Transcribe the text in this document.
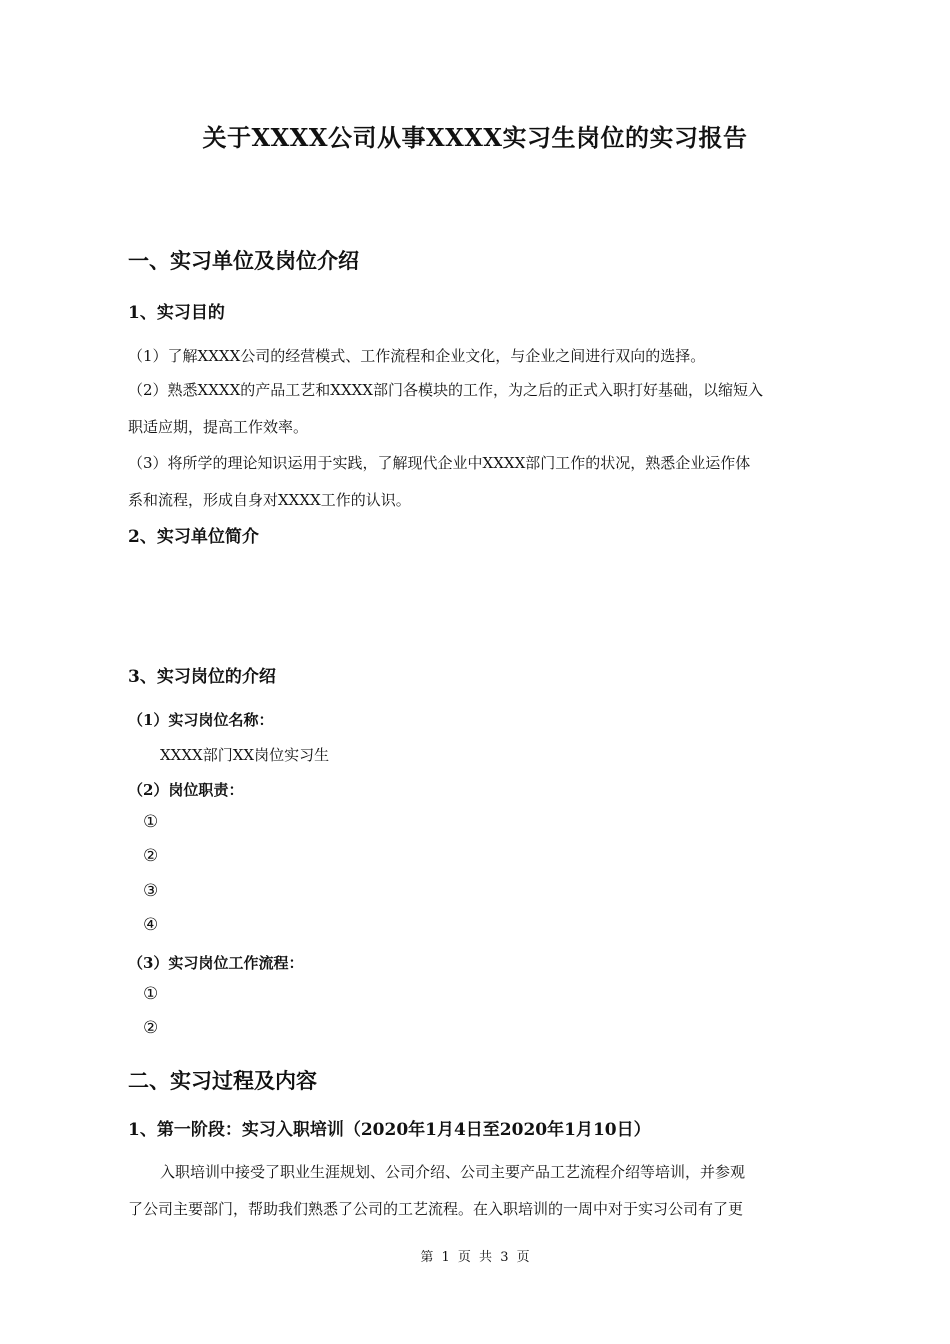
关于XXXX公司从事XXXX实习生岗位的实习报告
一、实习单位及岗位介绍
1、实习目的
（1）了解XXXX公司的经营模式、工作流程和企业文化，与企业之间进行双向的选择。
（2）熟悉XXXX的产品工艺和XXXX部门各模块的工作，为之后的正式入职打好基础，以缩短入
职适应期，提高工作效率。
（3）将所学的理论知识运用于实践，了解现代企业中XXXX部门工作的状况，熟悉企业运作体
系和流程，形成自身对XXXX工作的认识。
2、实习单位简介
3、实习岗位的介绍
（1）实习岗位名称：
XXXX部门XX岗位实习生
（2）岗位职责：
①
②
③
④
（3）实习岗位工作流程：
①
②
二、实习过程及内容
1、第一阶段：实习入职培训（2020年1月4日至2020年1月10日）
入职培训中接受了职业生涯规划、公司介绍、公司主要产品工艺流程介绍等培训，并参观
了公司主要部门，帮助我们熟悉了公司的工艺流程。在入职培训的一周中对于实习公司有了更
第 1 页 共 3 页
